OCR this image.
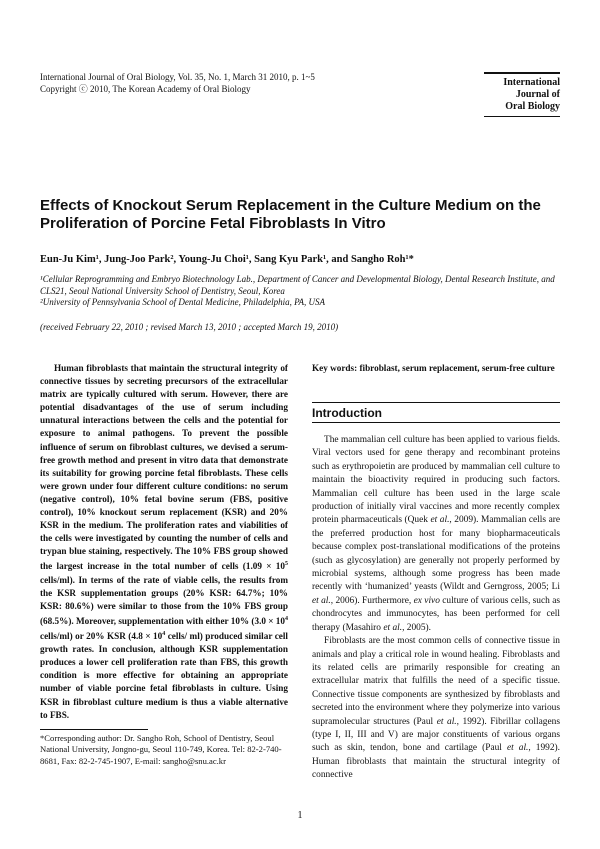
International Journal of Oral Biology, Vol. 35, No. 1, March 31 2010, p. 1~5
Copyright ⓒ 2010, The Korean Academy of Oral Biology
International
Journal of
Oral Biology
Effects of Knockout Serum Replacement in the Culture Medium on the Proliferation of Porcine Fetal Fibroblasts In Vitro
Eun-Ju Kim¹, Jung-Joo Park², Young-Ju Choi¹, Sang Kyu Park¹, and Sangho Roh¹*
¹Cellular Reprogramming and Embryo Biotechnology Lab., Department of Cancer and Developmental Biology, Dental Research Institute, and CLS21, Seoul National University School of Dentistry, Seoul, Korea
²University of Pennsylvania School of Dental Medicine, Philadelphia, PA, USA
(received February 22, 2010 ; revised March 13, 2010 ; accepted March 19, 2010)
Human fibroblasts that maintain the structural integrity of connective tissues by secreting precursors of the extracellular matrix are typically cultured with serum. However, there are potential disadvantages of the use of serum including unnatural interactions between the cells and the potential for exposure to animal pathogens. To prevent the possible influence of serum on fibroblast cultures, we devised a serum-free growth method and present in vitro data that demonstrate its suitability for growing porcine fetal fibroblasts. These cells were grown under four different culture conditions: no serum (negative control), 10% fetal bovine serum (FBS, positive control), 10% knockout serum replacement (KSR) and 20% KSR in the medium. The proliferation rates and viabilities of the cells were investigated by counting the number of cells and trypan blue staining, respectively. The 10% FBS group showed the largest increase in the total number of cells ($1.09 \times 10^5$ cells/ml). In terms of the rate of viable cells, the results from the KSR supplementation groups (20% KSR: 64.7%; 10% KSR: 80.6%) were similar to those from the 10% FBS group (68.5%). Moreover, supplementation with either 10% ($3.0 \times 10^4$ cells/ml) or 20% KSR ($4.8 \times 10^4$ cells/ ml) produced similar cell growth rates. In conclusion, although KSR supplementation produces a lower cell proliferation rate than FBS, this growth condition is more effective for obtaining an appropriate number of viable porcine fetal fibroblasts in culture. Using KSR in fibroblast culture medium is thus a viable alternative to FBS.
*Corresponding author: Dr. Sangho Roh, School of Dentistry, Seoul National University, Jongno-gu, Seoul 110-749, Korea. Tel: 82-2-740-8681, Fax: 82-2-745-1907, E-mail: sangho@snu.ac.kr
Key words: fibroblast, serum replacement, serum-free culture
Introduction

The mammalian cell culture has been applied to various fields. Viral vectors used for gene therapy and recombinant proteins such as erythropoietin are produced by mammalian cell culture to maintain the bioactivity required in producing such factors. Mammalian cell culture has been used in the large scale production of initially viral vaccines and more recently complex protein pharmaceuticals (Quek et al., 2009). Mammalian cells are the preferred production host for many biopharmaceuticals because complex post-translational modifications of the proteins (such as glycosylation) are generally not properly performed by microbial systems, although some progress has been made recently with ‘humanized’ yeasts (Wildt and Gerngross, 2005; Li et al., 2006). Furthermore, ex vivo culture of various cells, such as chondrocytes and immunocytes, has been performed for cell therapy (Masahiro et al., 2005).

Fibroblasts are the most common cells of connective tissue in animals and play a critical role in wound healing. Fibroblasts and its related cells are primarily responsible for creating an extracellular matrix that fulfills the need of a specific tissue. Connective tissue components are synthesized by fibroblasts and secreted into the environment where they polymerize into various supramolecular structures (Paul et al., 1992). Fibrillar collagens (type I, II, III and V) are major constituents of various organs such as skin, tendon, bone and cartilage (Paul et al., 1992). Human fibroblasts that maintain the structural integrity of connective

1
